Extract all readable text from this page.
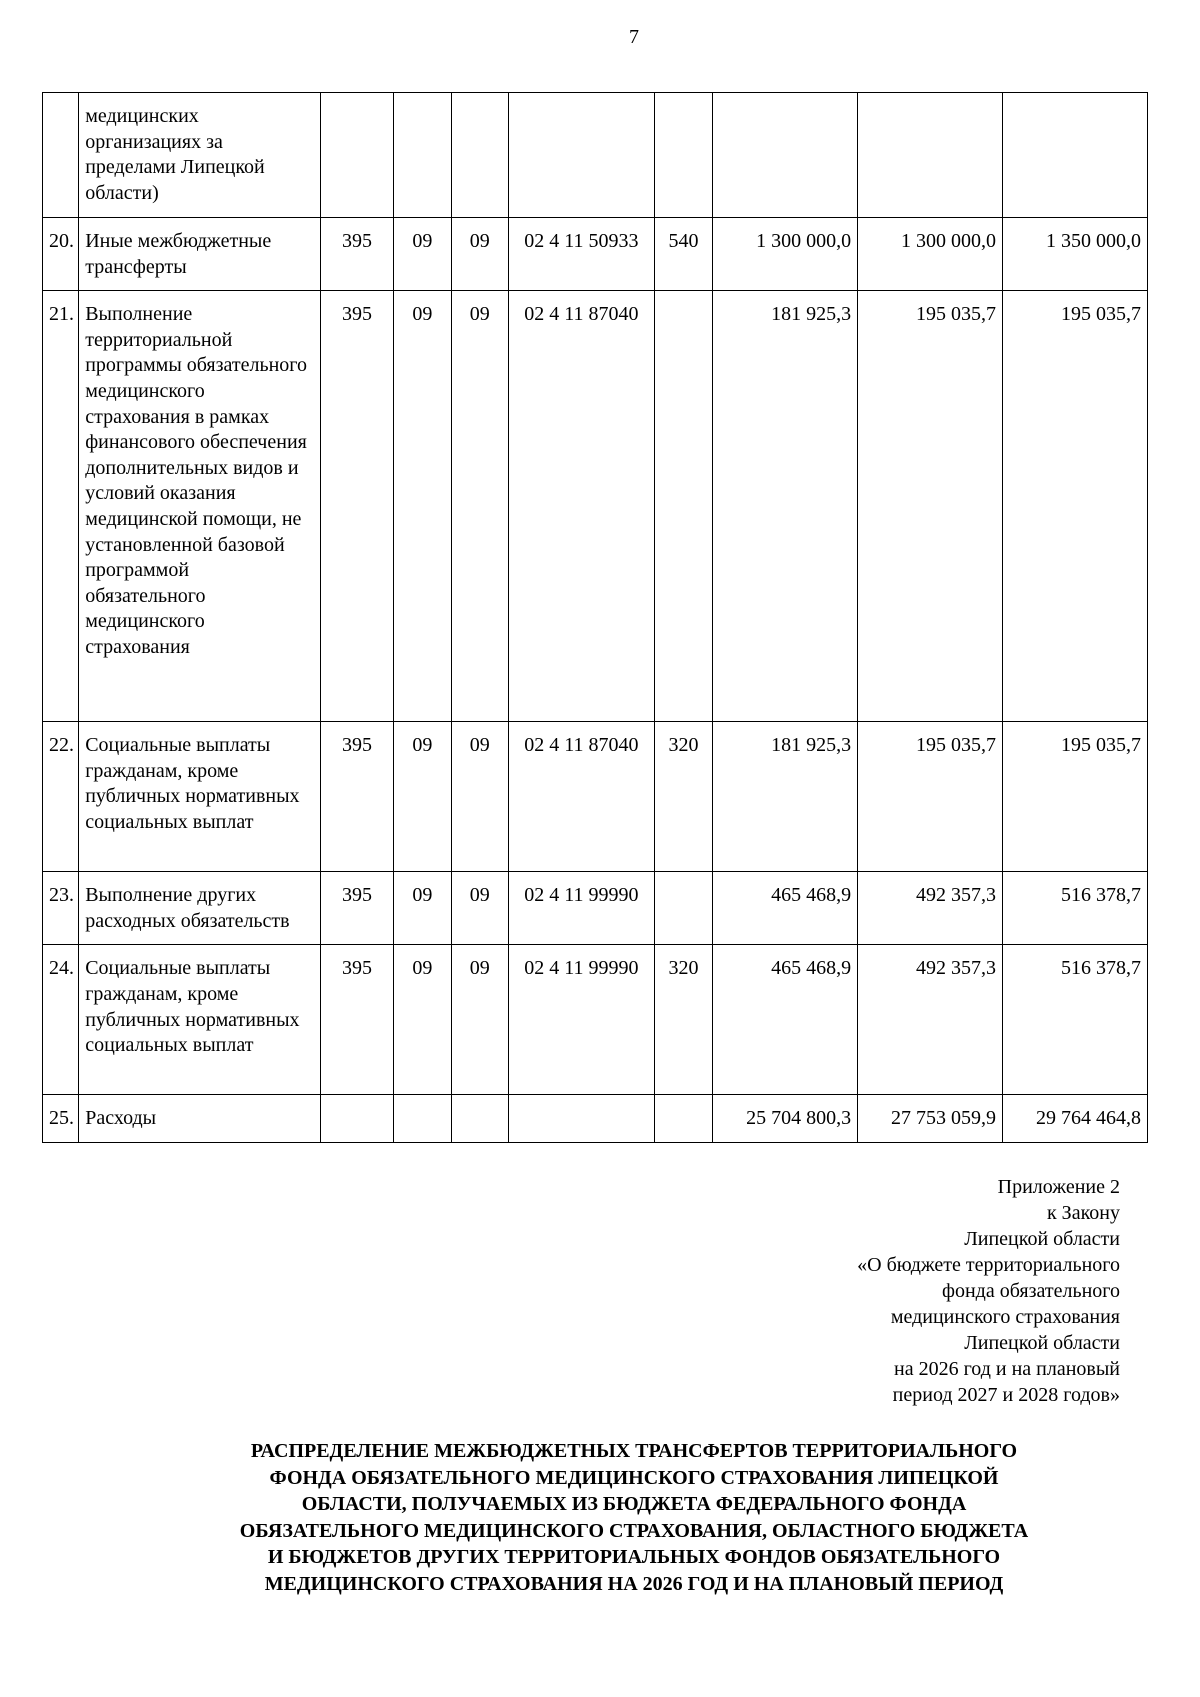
7
	медицинских организациях за пределами Липецкой области)								
20.	Иные межбюджетные трансферты	395	09	09	02 4 11 50933	540	1 300 000,0	1 300 000,0	1 350 000,0
21.	Выполнение территориальной программы обязательного медицинского страхования в рамках финансового обеспечения дополнительных видов и условий оказания медицинской помощи, не установленной базовой программой обязательного медицинского страхования	395	09	09	02 4 11 87040		181 925,3	195 035,7	195 035,7
22.	Социальные выплаты гражданам, кроме публичных нормативных социальных выплат	395	09	09	02 4 11 87040	320	181 925,3	195 035,7	195 035,7
23.	Выполнение других расходных обязательств	395	09	09	02 4 11 99990		465 468,9	492 357,3	516 378,7
24.	Социальные выплаты гражданам, кроме публичных нормативных социальных выплат	395	09	09	02 4 11 99990	320	465 468,9	492 357,3	516 378,7
25.	Расходы						25 704 800,3	27 753 059,9	29 764 464,8
Приложение 2
к Закону
Липецкой области
«О бюджете территориального
фонда обязательного
медицинского страхования
Липецкой области
на 2026 год и на плановый
период 2027 и 2028 годов»
РАСПРЕДЕЛЕНИЕ МЕЖБЮДЖЕТНЫХ ТРАНСФЕРТОВ ТЕРРИТОРИАЛЬНОГО
ФОНДА ОБЯЗАТЕЛЬНОГО МЕДИЦИНСКОГО СТРАХОВАНИЯ ЛИПЕЦКОЙ
ОБЛАСТИ, ПОЛУЧАЕМЫХ ИЗ БЮДЖЕТА ФЕДЕРАЛЬНОГО ФОНДА
ОБЯЗАТЕЛЬНОГО МЕДИЦИНСКОГО СТРАХОВАНИЯ, ОБЛАСТНОГО БЮДЖЕТА
И БЮДЖЕТОВ ДРУГИХ ТЕРРИТОРИАЛЬНЫХ ФОНДОВ ОБЯЗАТЕЛЬНОГО
МЕДИЦИНСКОГО СТРАХОВАНИЯ НА 2026 ГОД И НА ПЛАНОВЫЙ ПЕРИОД
